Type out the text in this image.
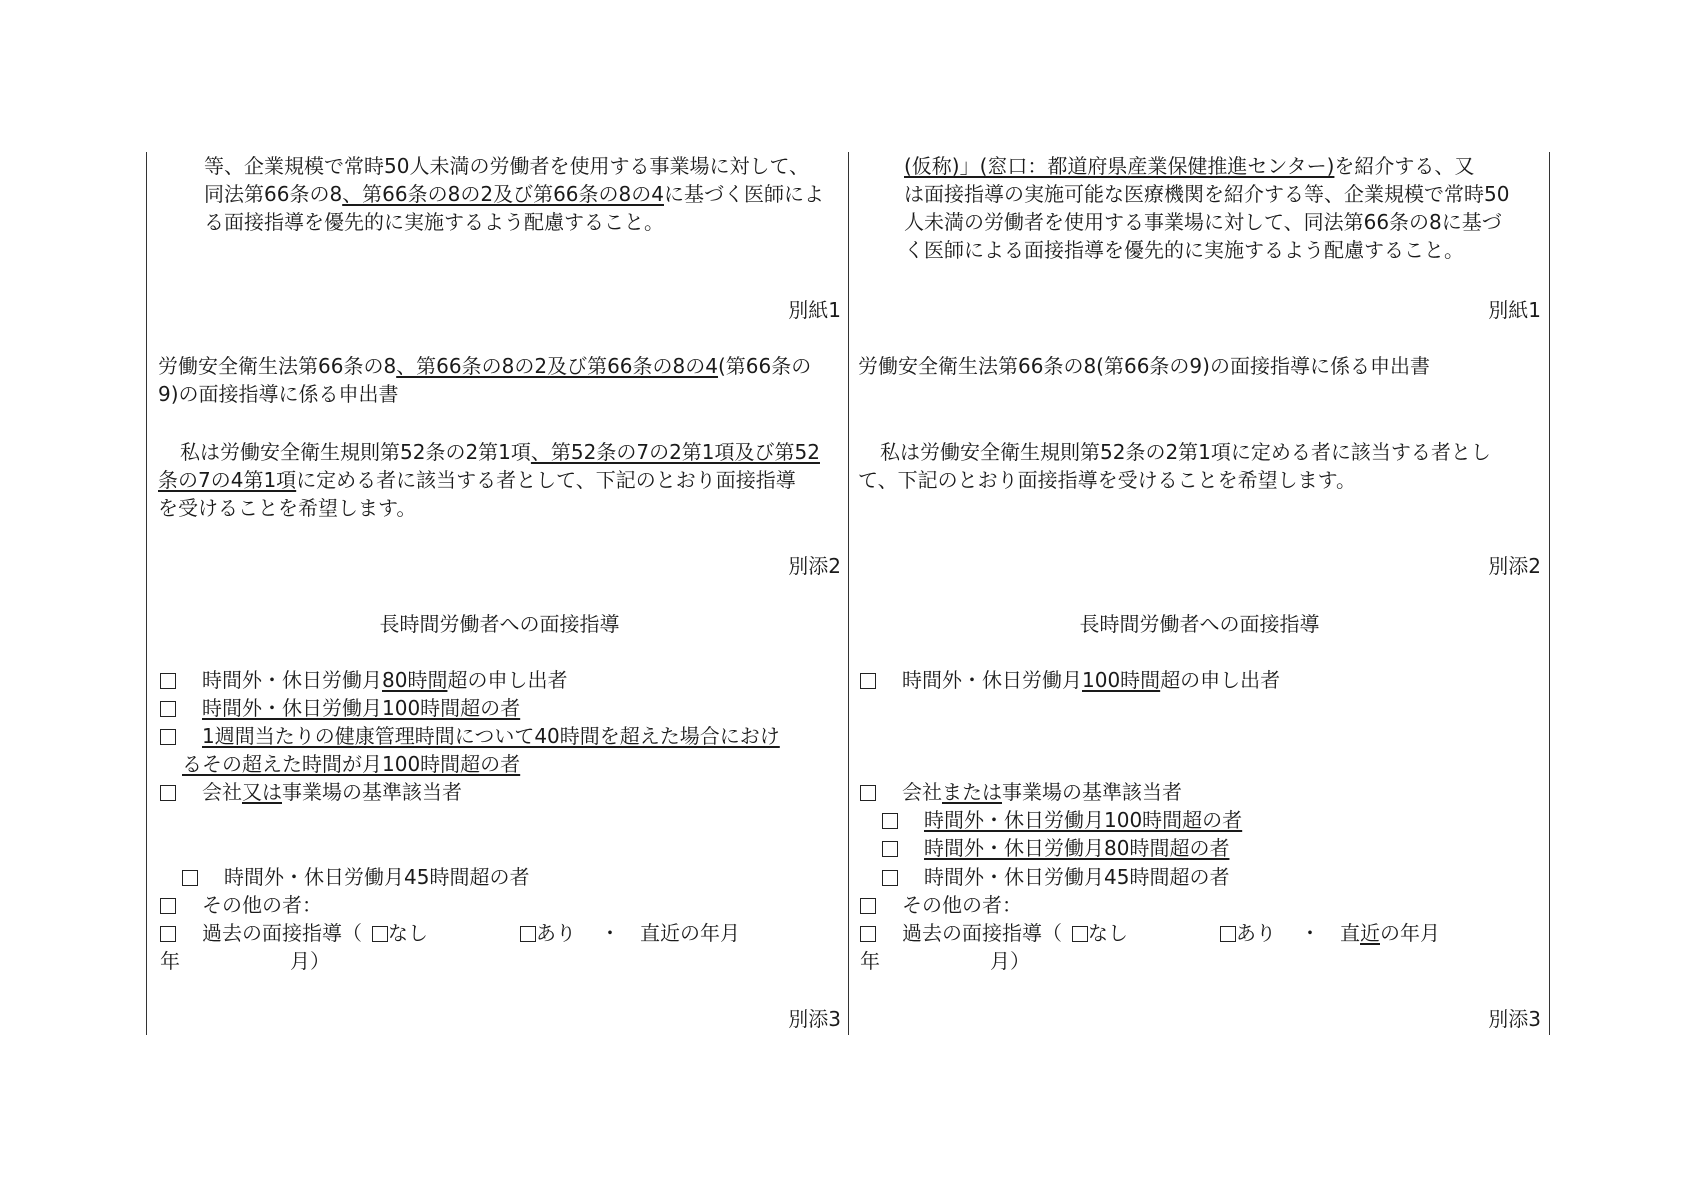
等、企業規模で常時50人未満の労働者を使用する事業場に対して、
同法第66条の8、第66条の8の2及び第66条の8の4に基づく医師によ
る面接指導を優先的に実施するよう配慮すること。
別紙1
労働安全衛生法第66条の8、第66条の8の2及び第66条の8の4(第66条の
9)の面接指導に係る申出書
私は労働安全衛生規則第52条の2第1項、第52条の7の2第1項及び第52
条の7の4第1項に定める者に該当する者として、下記のとおり面接指導
を受けることを希望します。
別添2
長時間労働者への面接指導
時間外・休日労働月80時間超の申し出者
時間外・休日労働月100時間超の者
1週間当たりの健康管理時間について40時間を超えた場合におけ
るその超えた時間が月100時間超の者
会社又は事業場の基準該当者
時間外・休日労働月45時間超の者
その他の者：
過去の面接指導（ なし	あり ・　直近の年月
年	月）
別添3
(仮称)」(窓口：都道府県産業保健推進センター)を紹介する、又
は面接指導の実施可能な医療機関を紹介する等、企業規模で常時50
人未満の労働者を使用する事業場に対して、同法第66条の8に基づ
く医師による面接指導を優先的に実施するよう配慮すること。
別紙1
労働安全衛生法第66条の8(第66条の9)の面接指導に係る申出書
私は労働安全衛生規則第52条の2第1項に定める者に該当する者とし
て、下記のとおり面接指導を受けることを希望します。
別添2
長時間労働者への面接指導
時間外・休日労働月100時間超の申し出者
会社または事業場の基準該当者
時間外・休日労働月100時間超の者
時間外・休日労働月80時間超の者
時間外・休日労働月45時間超の者
その他の者：
過去の面接指導（ なし	あり ・　直近の年月
年	月）
別添3
